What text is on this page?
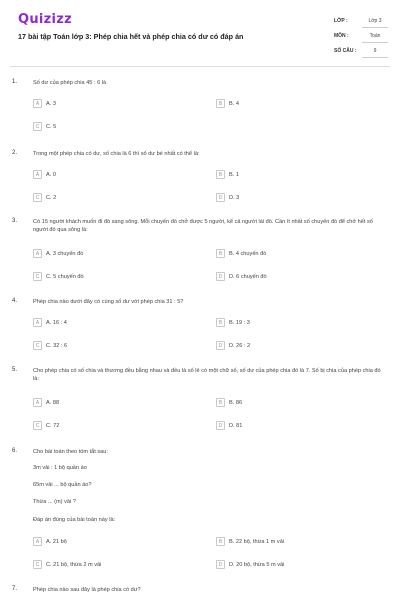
Quizizz
17 bài tập Toán lớp 3: Phép chia hết và phép chia có dư có đáp án
LỚP :	Lớp 3
MÔN :	Toán
SỐ CÂU :	9
1.	Số dư của phép chia 45 : 6 là
A	A. 3	B	B. 4
C	C. 5
2.	Trong một phép chia có dư, số chia là 6 thì số dư bé nhất có thể là:
A	A. 0	B	B. 1
C	C. 2	D	D. 3
3.	Có 15 người khách muốn đi đò sang sông. Mỗi chuyến đò chở được 5 người, kể cả người lái đò. Cần ít nhất số chuyến đò để chở hết số người đó qua sông là:
A	A. 3 chuyến đò	B	B. 4 chuyến đò
C	C. 5 chuyến đò	D	D. 6 chuyến đò
4.	Phép chia nào dưới đây có cùng số dư với phép chia 31 : 5?
A	A. 16 : 4	B	B. 19 : 3
C	C. 32 : 6	D	D. 26 : 2
5.	Cho phép chia có số chia và thương đều bằng nhau và đều là số lẻ có một chữ số, số dư của phép chia đó là 7. Số bị chia của phép chia đó là:
A	A. 88	B	B. 86
C	C. 72	D	D. 81
6.	Cho bài toán theo tóm tắt sau:
3m vải : 1 bộ quần áo
65m vải ... bộ quần áo?
Thừa ... (m) vải ?
Đáp án đúng của bài toán này là:
A	A. 21 bộ	B	B. 22 bộ, thừa 1 m vải
C	C. 21 bộ, thừa 2 m vải	D	D. 20 bộ, thừa 5 m vải
7.	Phép chia nào sau đây là phép chia có dư?
